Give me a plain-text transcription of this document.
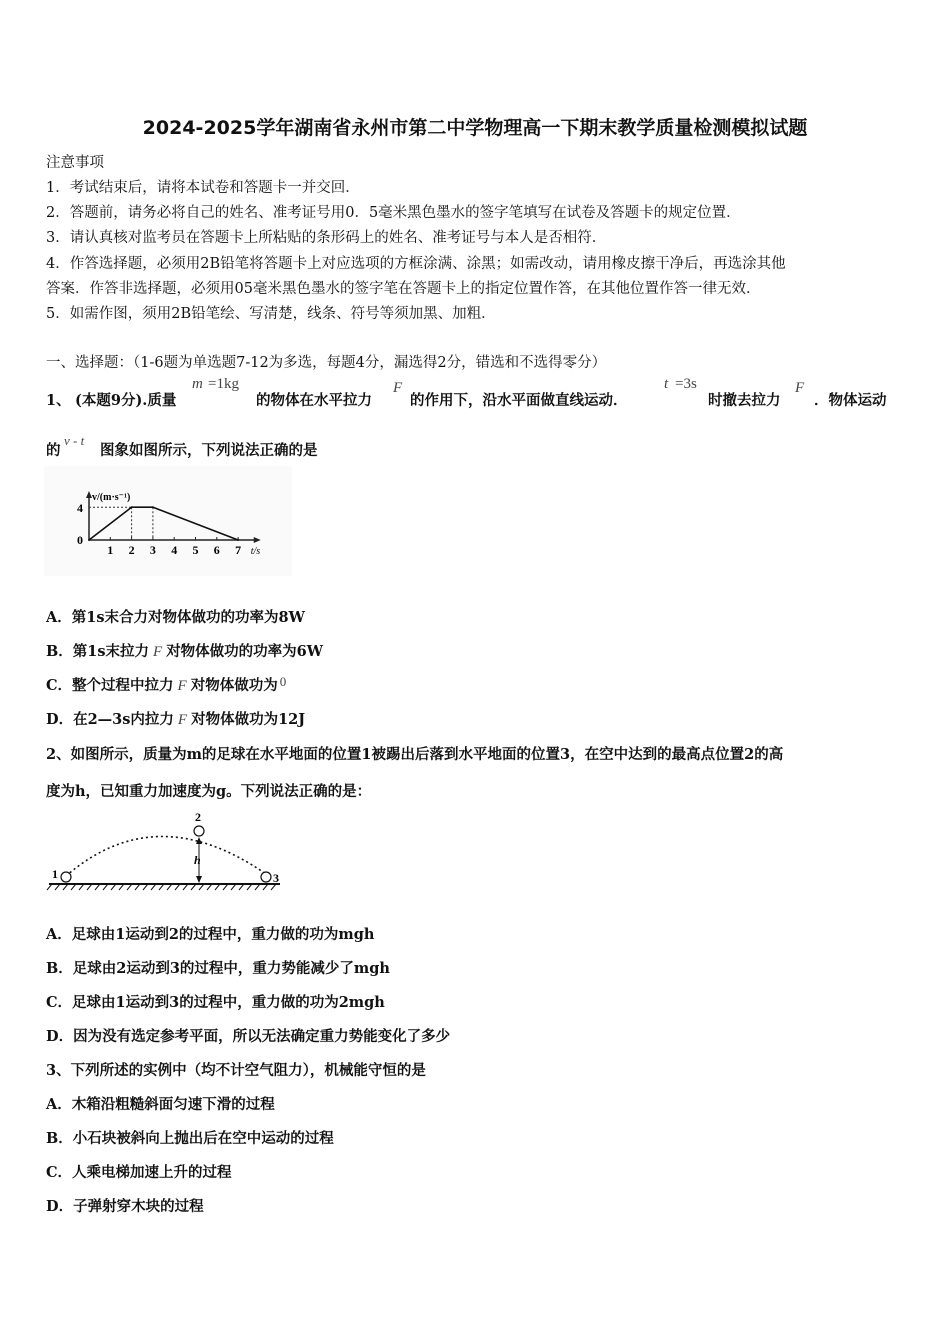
2024-2025学年湖南省永州市第二中学物理高一下期末教学质量检测模拟试题
注意事项
1．考试结束后，请将本试卷和答题卡一并交回．
2．答题前，请务必将自己的姓名、准考证号用0．5毫米黑色墨水的签字笔填写在试卷及答题卡的规定位置．
3．请认真核对监考员在答题卡上所粘贴的条形码上的姓名、准考证号与本人是否相符．
4．作答选择题，必须用2B铅笔将答题卡上对应选项的方框涂满、涂黑；如需改动，请用橡皮擦干净后，再选涂其他
答案．作答非选择题，必须用05毫米黑色墨水的签字笔在答题卡上的指定位置作答，在其他位置作答一律无效．
5．如需作图，须用2B铅笔绘、写清楚，线条、符号等须加黑、加粗．
一、选择题：（1-6题为单选题7-12为多选，每题4分，漏选得2分，错选和不选得零分）
1、 (本题9分).质量
m =1kg
的物体在水平拉力
F
的作用下，沿水平面做直线运动．
t =3s
时撤去拉力
F
．物体运动
的
v - t
图象如图所示，下列说法正确的是
v/(m·s⁻¹)
t/s
0
1 2 3 4 5 6 7
4
A．第1s末合力对物体做功的功率为8W
B．第1s末拉力 F 对物体做功的功率为6W
C．整个过程中拉力 F 对物体做功为 0
D．在2—3s内拉力 F 对物体做功为12J
2、如图所示，质量为m的足球在水平地面的位置1被踢出后落到水平地面的位置3，在空中达到的最高点位置2的高
度为h，已知重力加速度为g。下列说法正确的是：
1
2
3
h
A．足球由1运动到2的过程中，重力做的功为mgh
B．足球由2运动到3的过程中，重力势能减少了mgh
C．足球由1运动到3的过程中，重力做的功为2mgh
D．因为没有选定参考平面，所以无法确定重力势能变化了多少
3、下列所述的实例中（均不计空气阻力），机械能守恒的是
A．木箱沿粗糙斜面匀速下滑的过程
B．小石块被斜向上抛出后在空中运动的过程
C．人乘电梯加速上升的过程
D．子弹射穿木块的过程
